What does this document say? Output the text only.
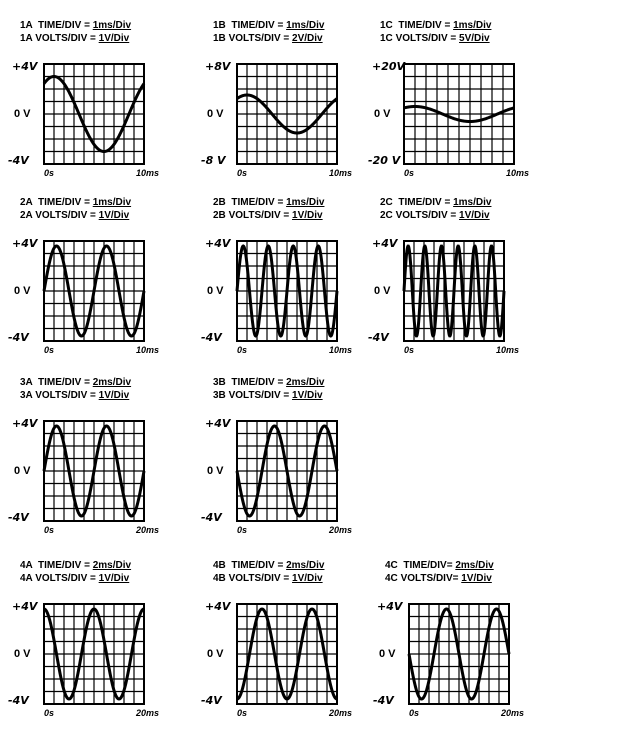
1A TIME/DIV = 1ms/Div
1A VOLTS/DIV = 1V/Div
+4V
0 V
-4V
0s	10ms
1B TIME/DIV = 1ms/Div
1B VOLTS/DIV = 2V/Div
+8V
0 V
-8 V
0s	10ms
1C TIME/DIV = 1ms/Div
1C VOLTS/DIV = 5V/Div
+20V
0 V
-20 V
0s	10ms
2A TIME/DIV = 1ms/Div
2A VOLTS/DIV = 1V/Div
+4V
0 V
-4V
0s	10ms
2B TIME/DIV = 1ms/Div
2B VOLTS/DIV = 1V/Div
+4V
0 V
-4V
0s	10ms
2C TIME/DIV = 1ms/Div
2C VOLTS/DIV = 1V/Div
+4V
0 V
-4V
0s	10ms
3A TIME/DIV = 2ms/Div
3A VOLTS/DIV = 1V/Div
+4V
0 V
-4V
0s	20ms
3B TIME/DIV = 2ms/Div
3B VOLTS/DIV = 1V/Div
+4V
0 V
-4V
0s	20ms
4A TIME/DIV = 2ms/Div
4A VOLTS/DIV = 1V/Div
+4V
0 V
-4V
0s	20ms
4B TIME/DIV = 2ms/Div
4B VOLTS/DIV = 1V/Div
+4V
0 V
-4V
0s	20ms
4C TIME/DIV= 2ms/Div
4C VOLTS/DIV= 1V/Div
+4V
0 V
-4V
0s	20ms
